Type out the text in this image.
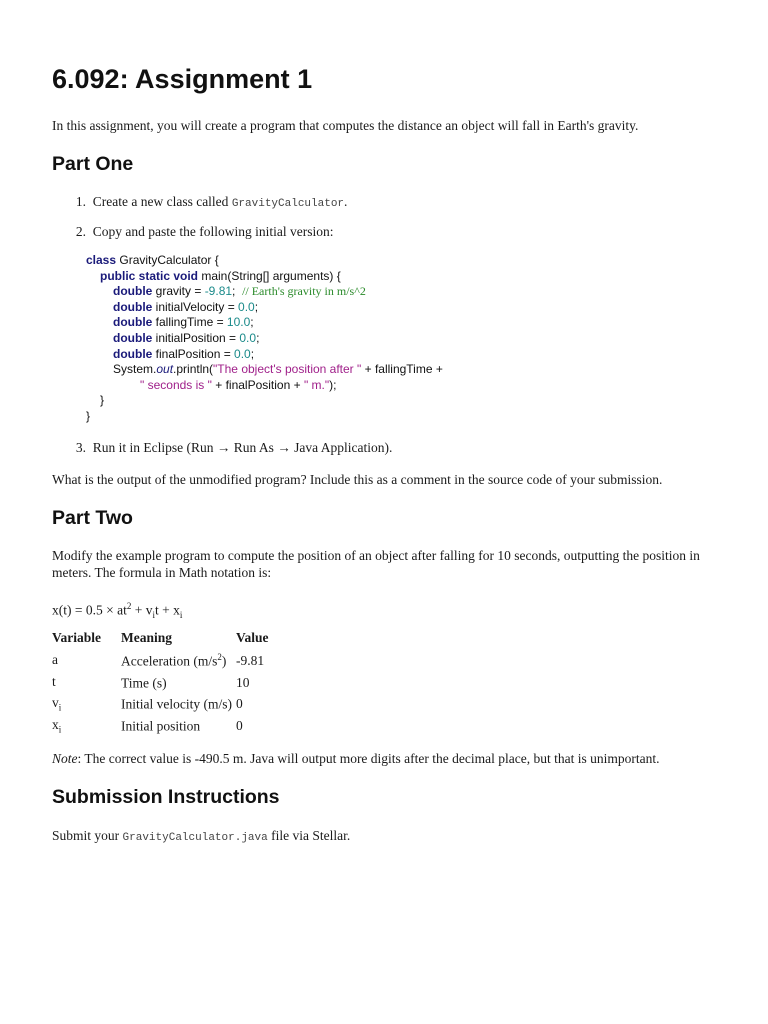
6.092: Assignment 1

In this assignment, you will create a program that computes the distance an object will fall in Earth's gravity.

Part One
1. Create a new class called GravityCalculator.
2. Copy and paste the following initial version:
3. Run it in Eclipse (Run → Run As → Java Application).
class GravityCalculator {
public static void main(String[] arguments) {
double gravity = -9.81;  // Earth's gravity in m/s^2
double initialVelocity = 0.0;
double fallingTime = 10.0;
double initialPosition = 0.0;
double finalPosition = 0.0;
System.out.println("The object's position after " + fallingTime +
" seconds is " + finalPosition + " m.");
}
}

What is the output of the unmodified program? Include this as a comment in the source code of your submission.

Part Two

Modify the example program to compute the position of an object after falling for 10 seconds, outputting the position in meters. The formula in Math notation is:

$x(t) = 0.5 \times at^2 + v_it + x_i$

Variable	Meaning	Value
a	Acceleration $(m/s^2)$	-9.81
t	Time (s)	10
$v_i$	Initial velocity (m/s)	0
$x_i$	Initial position	0

Note: The correct value is -490.5 m. Java will output more digits after the decimal place, but that is unimportant.

Submission Instructions

Submit your GravityCalculator.java file via Stellar.
